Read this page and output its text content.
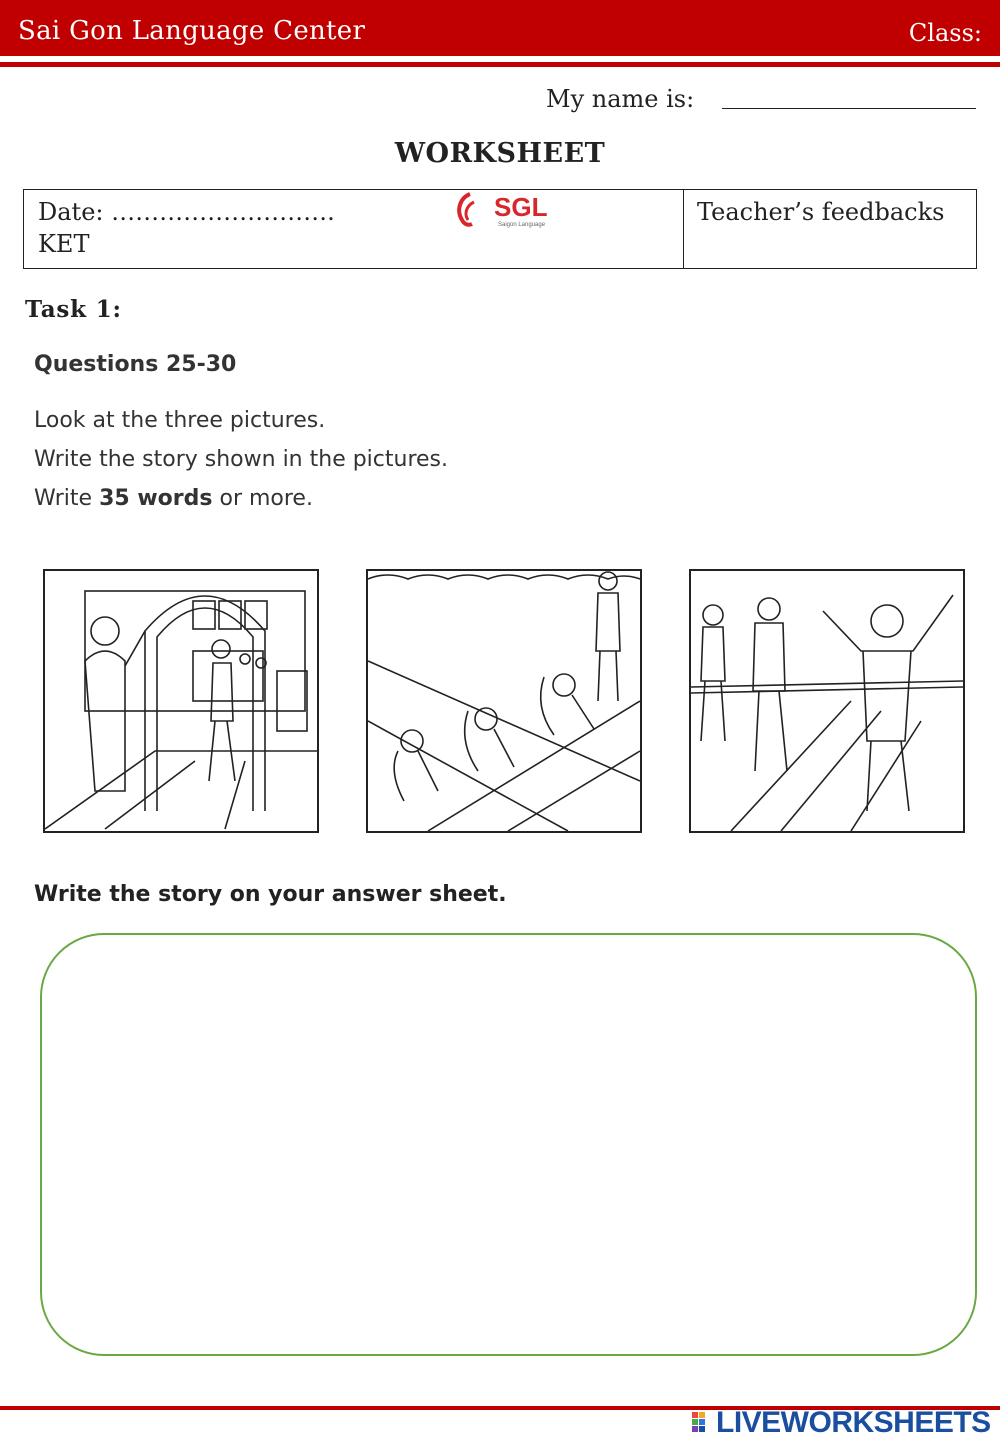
Sai Gon Language Center	Class:
My name is:
WORKSHEET
Date: ……………………….
KET
Teacher’s feedbacks
SGL
Saigon Language
Task 1:
Questions 25-30
Look at the three pictures.
Write the story shown in the pictures.
Write 35 words or more.
Write the story on your answer sheet.
LIVEWORKSHEETS
